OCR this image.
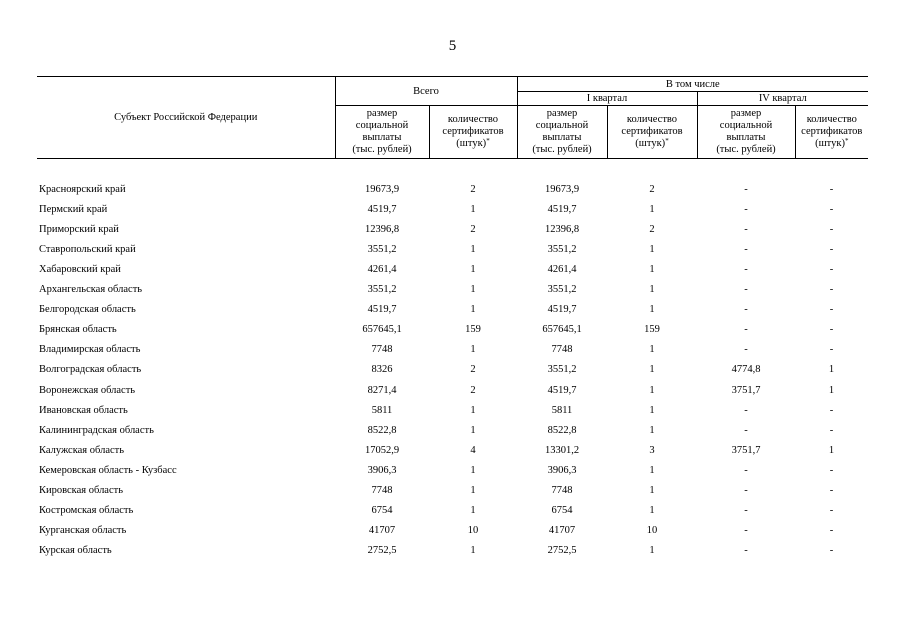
5
Субъект Российской Федерации	Всего		В том числе			
			I квартал		IV квартал	
	размер
социальной
выплаты
(тыс. рублей)	количество
сертификатов
(штук)*	размер
социальной
выплаты
(тыс. рублей)	количество
сертификатов
(штук)*	размер
социальной
выплаты
(тыс. рублей)	количество
сертификатов
(штук)*

Красноярский край	19673,9	2	19673,9	2	-	-
Пермский край	4519,7	1	4519,7	1	-	-
Приморский край	12396,8	2	12396,8	2	-	-
Ставропольский край	3551,2	1	3551,2	1	-	-
Хабаровский край	4261,4	1	4261,4	1	-	-
Архангельская область	3551,2	1	3551,2	1	-	-
Белгородская область	4519,7	1	4519,7	1	-	-
Брянская область	657645,1	159	657645,1	159	-	-
Владимирская область	7748	1	7748	1	-	-
Волгоградская область	8326	2	3551,2	1	4774,8	1
Воронежская область	8271,4	2	4519,7	1	3751,7	1
Ивановская область	5811	1	5811	1	-	-
Калининградская область	8522,8	1	8522,8	1	-	-
Калужская область	17052,9	4	13301,2	3	3751,7	1
Кемеровская область - Кузбасс	3906,3	1	3906,3	1	-	-
Кировская область	7748	1	7748	1	-	-
Костромская область	6754	1	6754	1	-	-
Курганская область	41707	10	41707	10	-	-
Курская область	2752,5	1	2752,5	1	-	-
